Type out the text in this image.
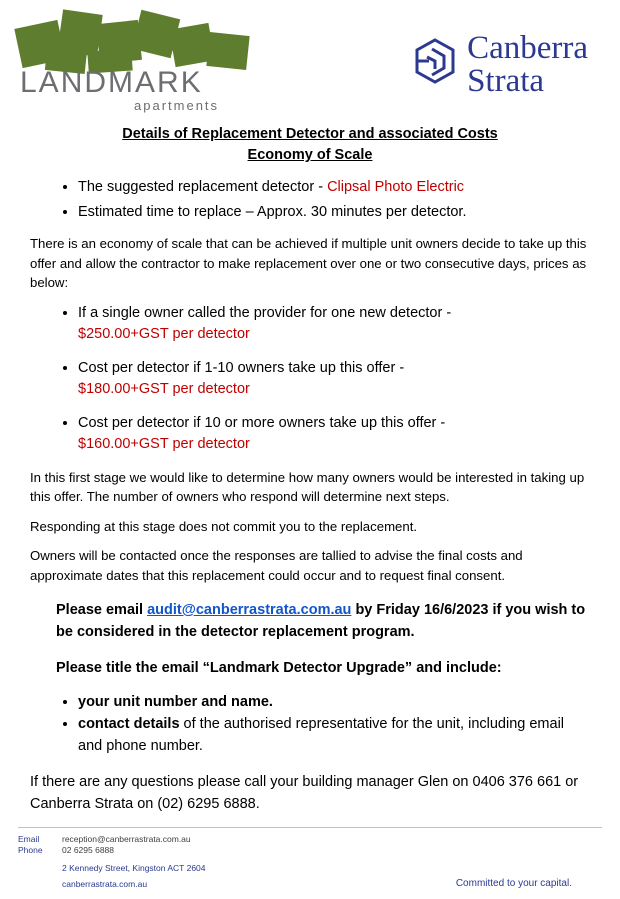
LANDMARK
apartments
Canberra
Strata
Details of Replacement Detector and associated Costs
Economy of Scale
• The suggested replacement detector - Clipsal Photo Electric
• Estimated time to replace – Approx. 30 minutes per detector.

There is an economy of scale that can be achieved if multiple unit owners decide to take up this offer and allow the contractor to make replacement over one or two consecutive days, prices as below:

• If a single owner called the provider for one new detector -
$250.00+GST per detector
• Cost per detector if 1-10 owners take up this offer -
$180.00+GST per detector
• Cost per detector if 10 or more owners take up this offer -
$160.00+GST per detector

In this first stage we would like to determine how many owners would be interested in taking up this offer. The number of owners who respond will determine next steps.

Responding at this stage does not commit you to the replacement.

Owners will be contacted once the responses are tallied to advise the final costs and approximate dates that this replacement could occur and to request final consent.

Please email audit@canberrastrata.com.au by Friday 16/6/2023 if you wish to be considered in the detector replacement program.

Please title the email “Landmark Detector Upgrade” and include:

• your unit number and name.
• contact details of the authorised representative for the unit, including email and phone number.

If there are any questions please call your building manager Glen on 0406 376 661 or Canberra Strata on (02) 6295 6888.

Email
Phone
reception@canberrastrata.com.au
02 6295 6888
2 Kennedy Street, Kingston ACT 2604
canberrastrata.com.au	Committed to your capital.
